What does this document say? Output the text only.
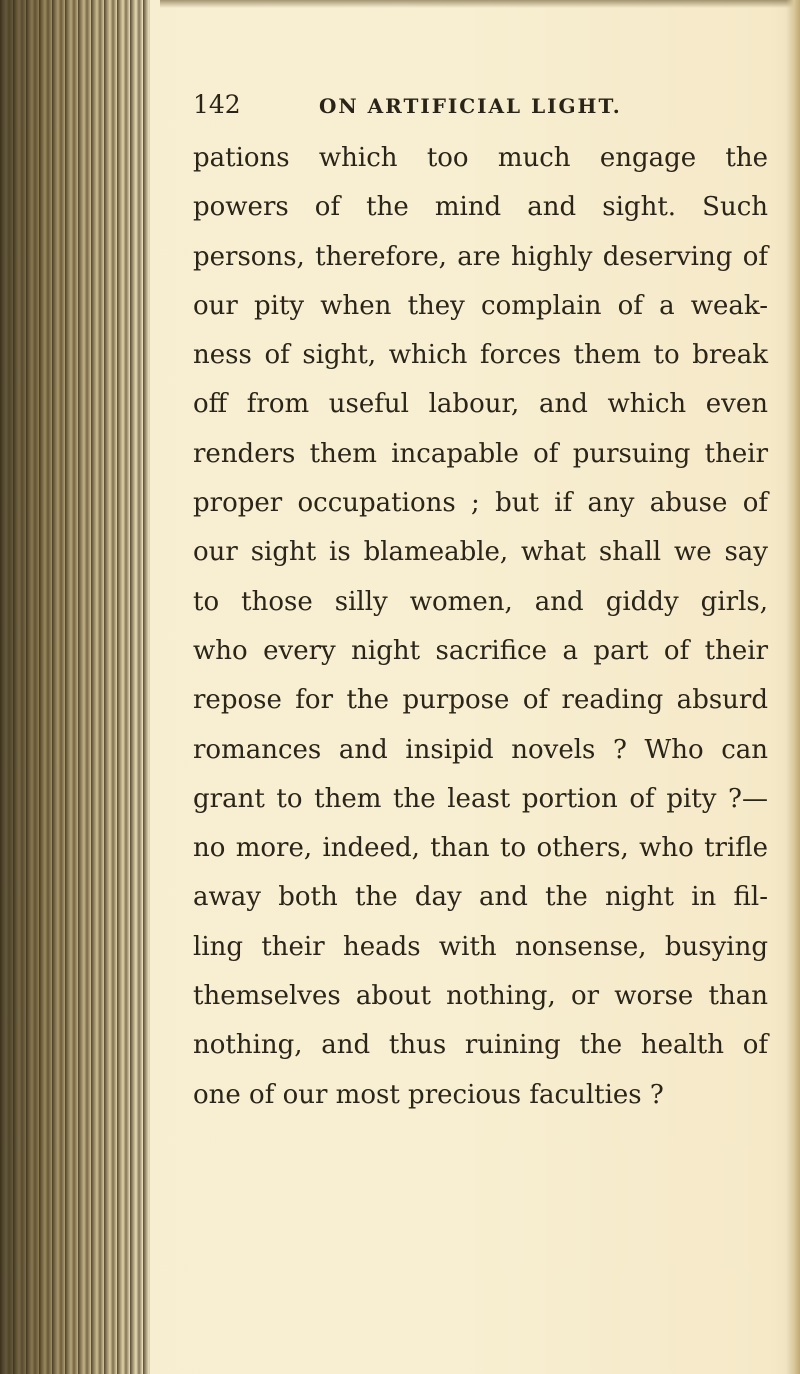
142	ON ARTIFICIAL LIGHT.
pations which too much engage the
powers of the mind and sight. Such
persons, therefore, are highly deserving of
our pity when they complain of a weak-
ness of sight, which forces them to break
off from useful labour, and which even
renders them incapable of pursuing their
proper occupations ; but if any abuse of
our sight is blameable, what shall we say
to those silly women, and giddy girls,
who every night sacrifice a part of their
repose for the purpose of reading absurd
romances and insipid novels ? Who can
grant to them the least portion of pity ?—
no more, indeed, than to others, who trifle
away both the day and the night in fil-
ling their heads with nonsense, busying
themselves about nothing, or worse than
nothing, and thus ruining the health of
one of our most precious faculties ?
